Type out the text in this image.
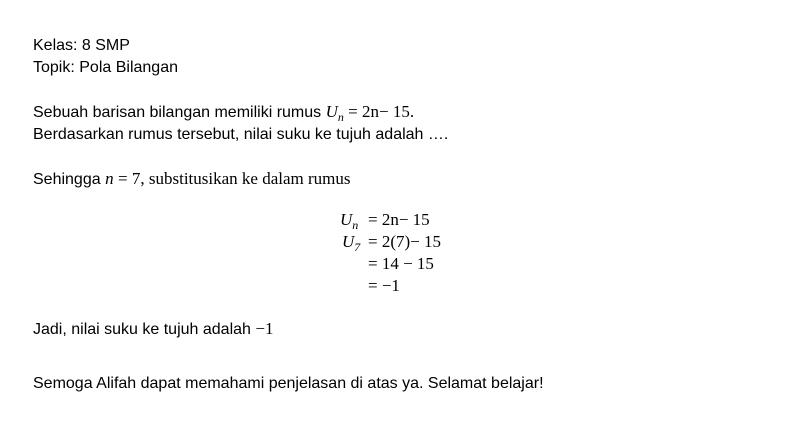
Kelas: 8 SMP
Topik: Pola Bilangan
Sebuah barisan bilangan memiliki rumus $U_n = 2n- 15$.
Berdasarkan rumus tersebut, nilai suku ke tujuh adalah ….
Sehingga n = 7, substitusikan ke dalam rumus
$U_n = 2n- 15$
$U_7 = 2(7)- 15$
= 14 − 15
= −1
Jadi, nilai suku ke tujuh adalah −1
Semoga Alifah dapat memahami penjelasan di atas ya. Selamat belajar!
